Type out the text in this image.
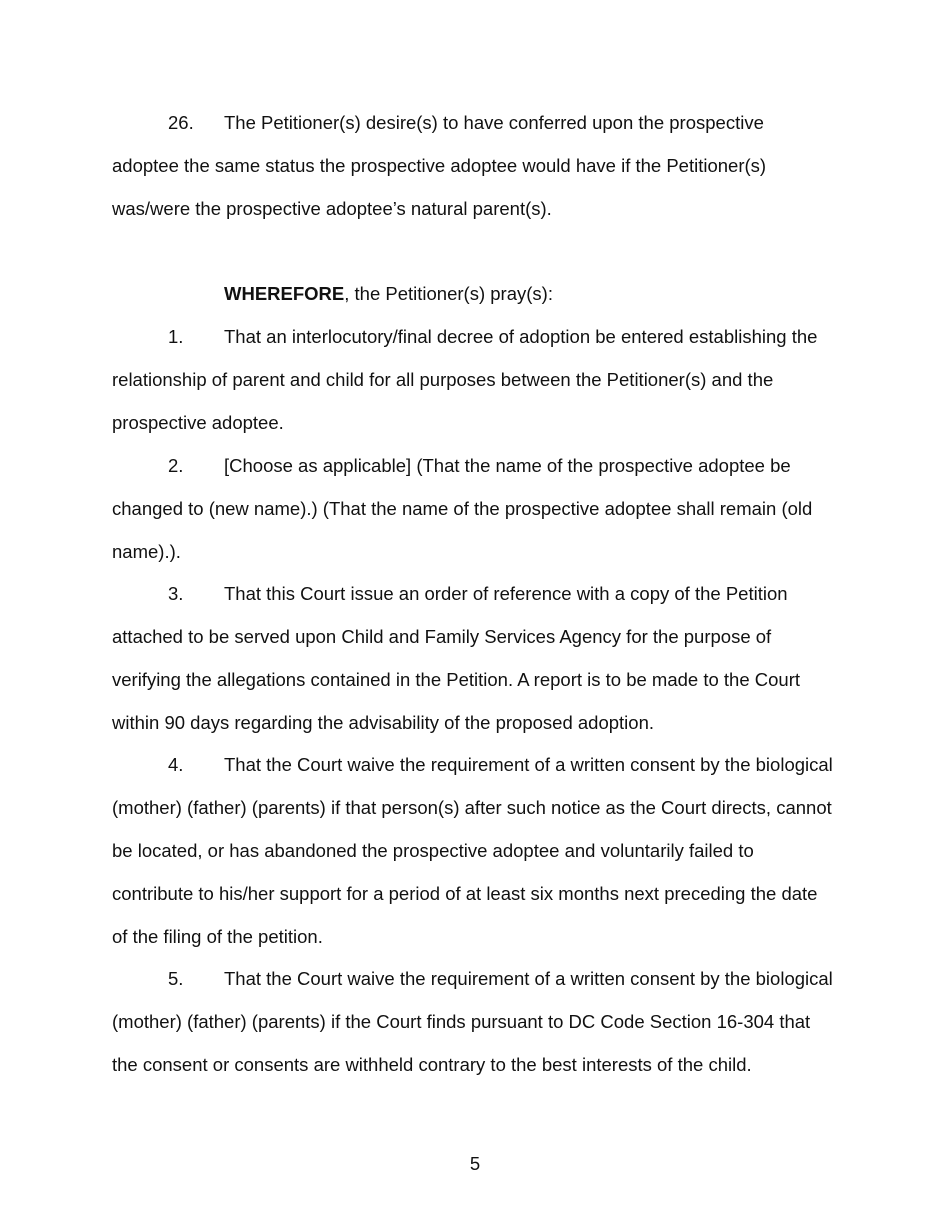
26. The Petitioner(s) desire(s) to have conferred upon the prospective
adoptee the same status the prospective adoptee would have if the Petitioner(s)
was/were the prospective adoptee’s natural parent(s).
WHEREFORE, the Petitioner(s) pray(s):
1. That an interlocutory/final decree of adoption be entered establishing the
relationship of parent and child for all purposes between the Petitioner(s) and the
prospective adoptee.
2. [Choose as applicable] (That the name of the prospective adoptee be
changed to (new name).) (That the name of the prospective adoptee shall remain (old
name).).
3. That this Court issue an order of reference with a copy of the Petition
attached to be served upon Child and Family Services Agency for the purpose of
verifying the allegations contained in the Petition. A report is to be made to the Court
within 90 days regarding the advisability of the proposed adoption.
4. That the Court waive the requirement of a written consent by the biological
(mother) (father) (parents) if that person(s) after such notice as the Court directs, cannot
be located, or has abandoned the prospective adoptee and voluntarily failed to
contribute to his/her support for a period of at least six months next preceding the date
of the filing of the petition.
5. That the Court waive the requirement of a written consent by the biological
(mother) (father) (parents) if the Court finds pursuant to DC Code Section 16-304 that
the consent or consents are withheld contrary to the best interests of the child.
5
